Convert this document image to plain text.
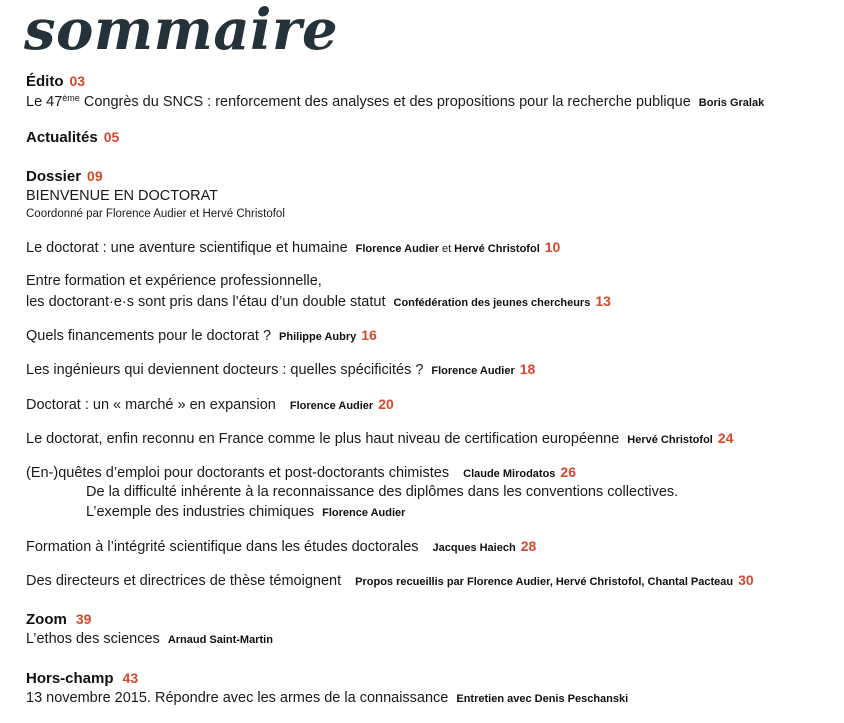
sommaire
Édito 03
Le 47ème Congrès du SNCS : renforcement des analyses et des propositions pour la recherche publique Boris Gralak
Actualités 05
Dossier 09
BIENVENUE EN DOCTORAT
Coordonné par Florence Audier et Hervé Christofol
Le doctorat : une aventure scientifique et humaine Florence Audier et Hervé Christofol 10
Entre formation et expérience professionnelle,
les doctorant·e·s sont pris dans l’étau d’un double statut Confédération des jeunes chercheurs 13
Quels financements pour le doctorat ? Philippe Aubry 16
Les ingénieurs qui deviennent docteurs : quelles spécificités ? Florence Audier 18
Doctorat : un « marché » en expansion Florence Audier 20
Le doctorat, enfin reconnu en France comme le plus haut niveau de certification européenne Hervé Christofol 24
(En-)quêtes d’emploi pour doctorants et post-doctorants chimistes Claude Mirodatos 26
De la difficulté inhérente à la reconnaissance des diplômes dans les conventions collectives.
L’exemple des industries chimiques Florence Audier
Formation à l’intégrité scientifique dans les études doctorales Jacques Haiech 28
Des directeurs et directrices de thèse témoignent Propos recueillis par Florence Audier, Hervé Christofol, Chantal Pacteau 30
Zoom 39
L’ethos des sciences Arnaud Saint-Martin
Hors-champ 43
13 novembre 2015. Répondre avec les armes de la connaissance Entretien avec Denis Peschanski
